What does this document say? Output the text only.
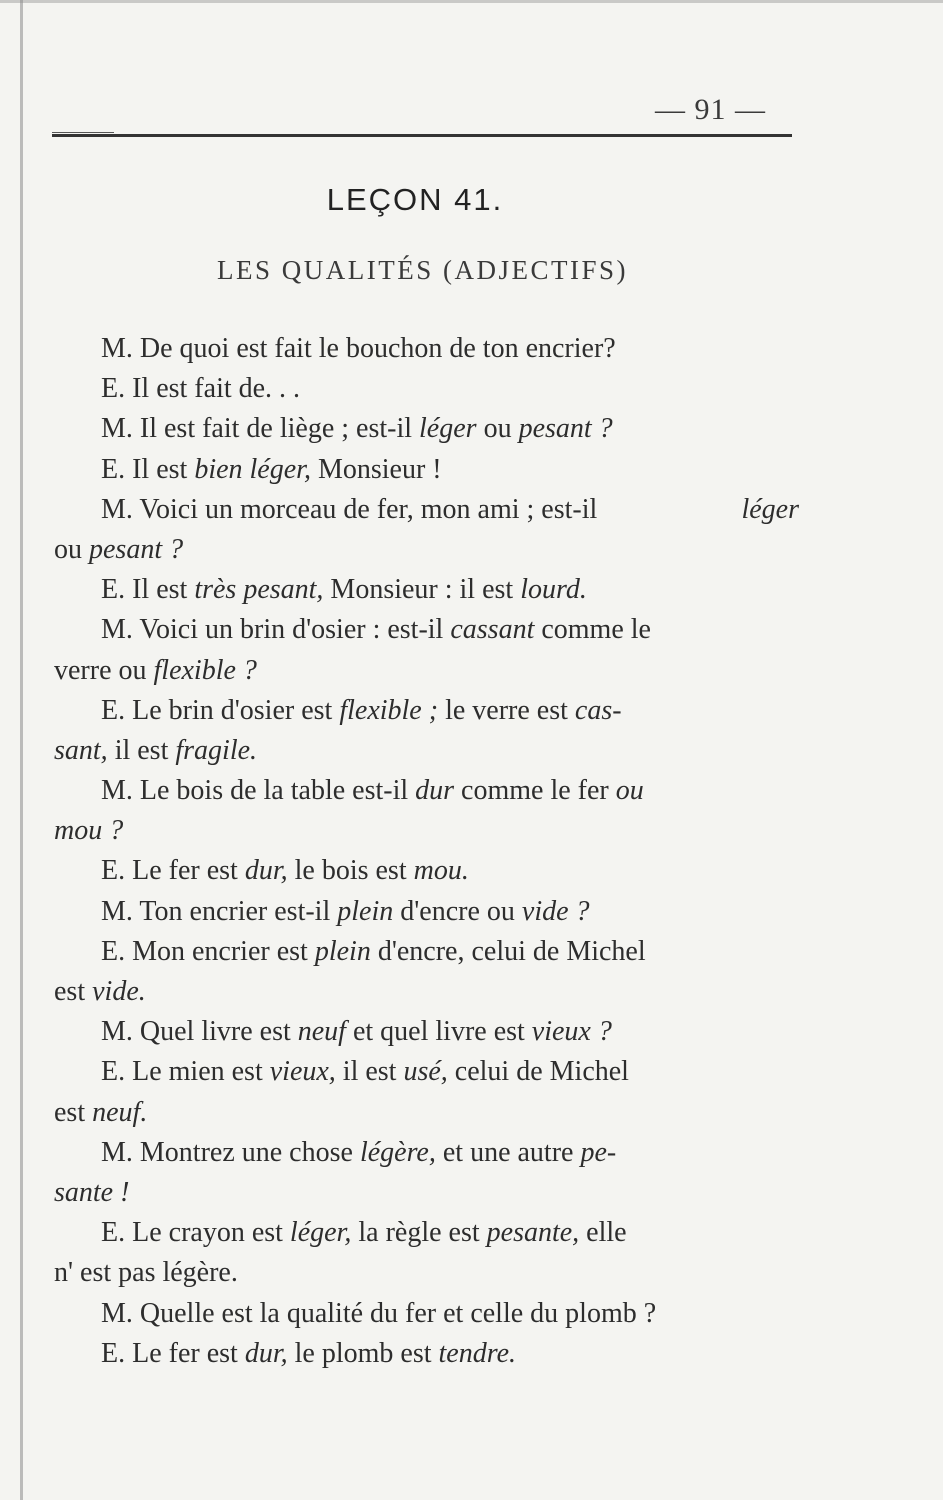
— 91 —
LEÇON 41.
LES QUALITÉS (ADJECTIFS)
M. De quoi est fait le bouchon de ton encrier?
E. Il est fait de. . .
M. Il est fait de liège ; est-il léger ou pesant ?
E. Il est bien léger, Monsieur !
M. Voici un morceau de fer, mon ami ; est-il	léger
ou pesant ?
E. Il est très pesant, Monsieur : il est lourd.
M. Voici un brin d'osier : est-il cassant comme le
verre ou flexible ?
E. Le brin d'osier est flexible ; le verre est cas-
sant, il est fragile.
M. Le bois de la table est-il dur comme le fer ou
mou ?
E. Le fer est dur, le bois est mou.
M. Ton encrier est-il plein d'encre ou vide ?
E. Mon encrier est plein d'encre, celui de Michel
est vide.
M. Quel livre est neuf et quel livre est vieux ?
E. Le mien est vieux, il est usé, celui de Michel
est neuf.
M. Montrez une chose légère, et une autre pe-
sante !
E. Le crayon est léger, la règle est pesante, elle
n' est pas légère.
M. Quelle est la qualité du fer et celle du plomb ?
E. Le fer est dur, le plomb est tendre.
